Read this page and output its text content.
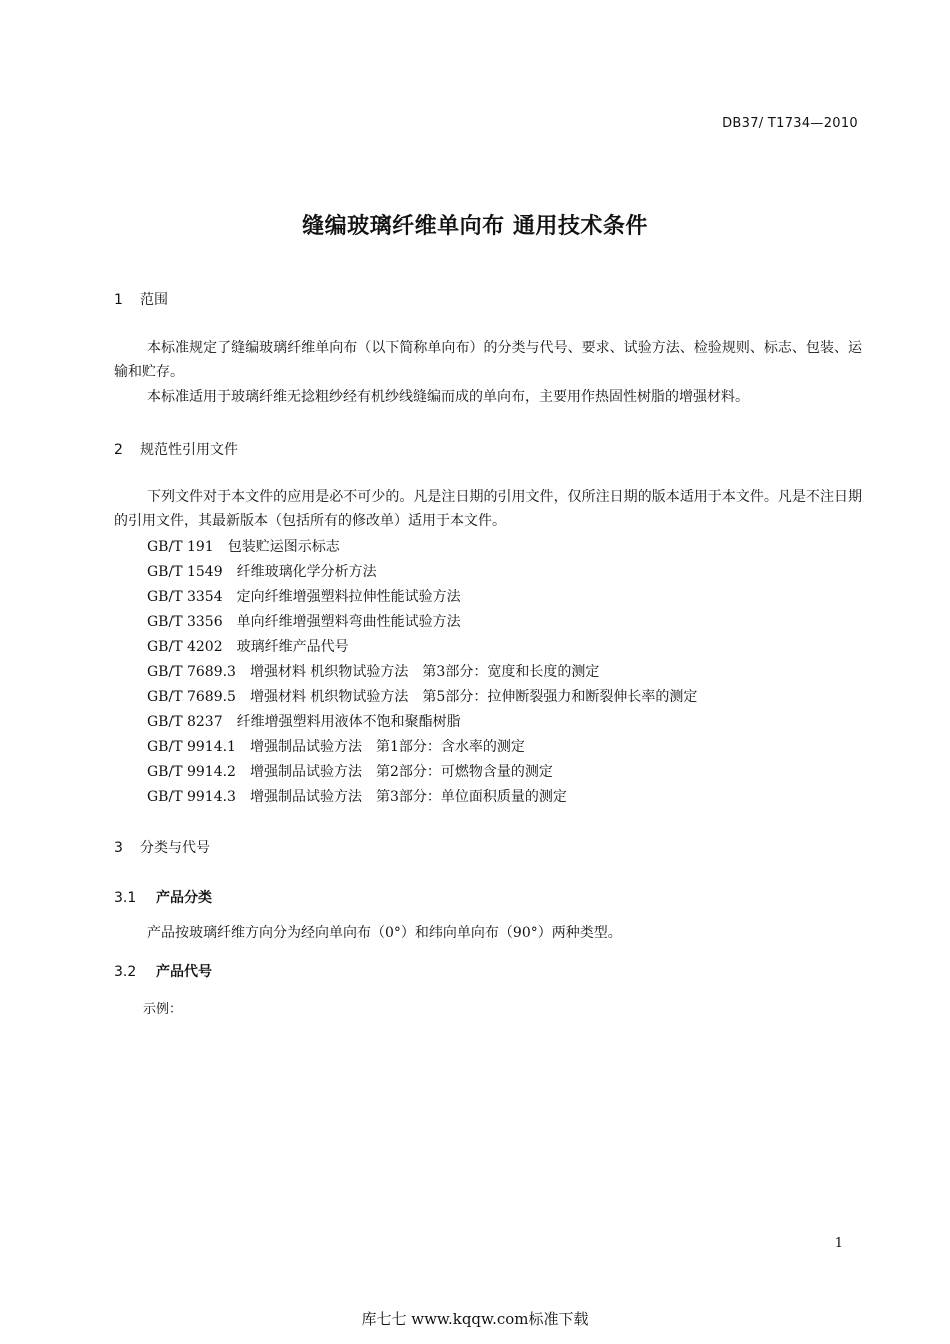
DB37/ T1734—2010
缝编玻璃纤维单向布 通用技术条件
1 范围
本标准规定了缝编玻璃纤维单向布（以下简称单向布）的分类与代号、要求、试验方法、检验规则、标志、包装、运输和贮存。
本标准适用于玻璃纤维无捻粗纱经有机纱线缝编而成的单向布，主要用作热固性树脂的增强材料。
2 规范性引用文件
下列文件对于本文件的应用是必不可少的。凡是注日期的引用文件，仅所注日期的版本适用于本文件。凡是不注日期的引用文件，其最新版本（包括所有的修改单）适用于本文件。
GB/T 191 包装贮运图示标志
GB/T 1549 纤维玻璃化学分析方法
GB/T 3354 定向纤维增强塑料拉伸性能试验方法
GB/T 3356 单向纤维增强塑料弯曲性能试验方法
GB/T 4202 玻璃纤维产品代号
GB/T 7689.3 增强材料 机织物试验方法　第3部分：宽度和长度的测定
GB/T 7689.5 增强材料 机织物试验方法　第5部分：拉伸断裂强力和断裂伸长率的测定
GB/T 8237 纤维增强塑料用液体不饱和聚酯树脂
GB/T 9914.1 增强制品试验方法　第1部分：含水率的测定
GB/T 9914.2 增强制品试验方法　第2部分：可燃物含量的测定
GB/T 9914.3 增强制品试验方法　第3部分：单位面积质量的测定
3 分类与代号
3.1 产品分类
产品按玻璃纤维方向分为经向单向布（0°）和纬向单向布（90°）两种类型。
3.2 产品代号
示例：
1
库七七 www.kqqw.com标准下载
